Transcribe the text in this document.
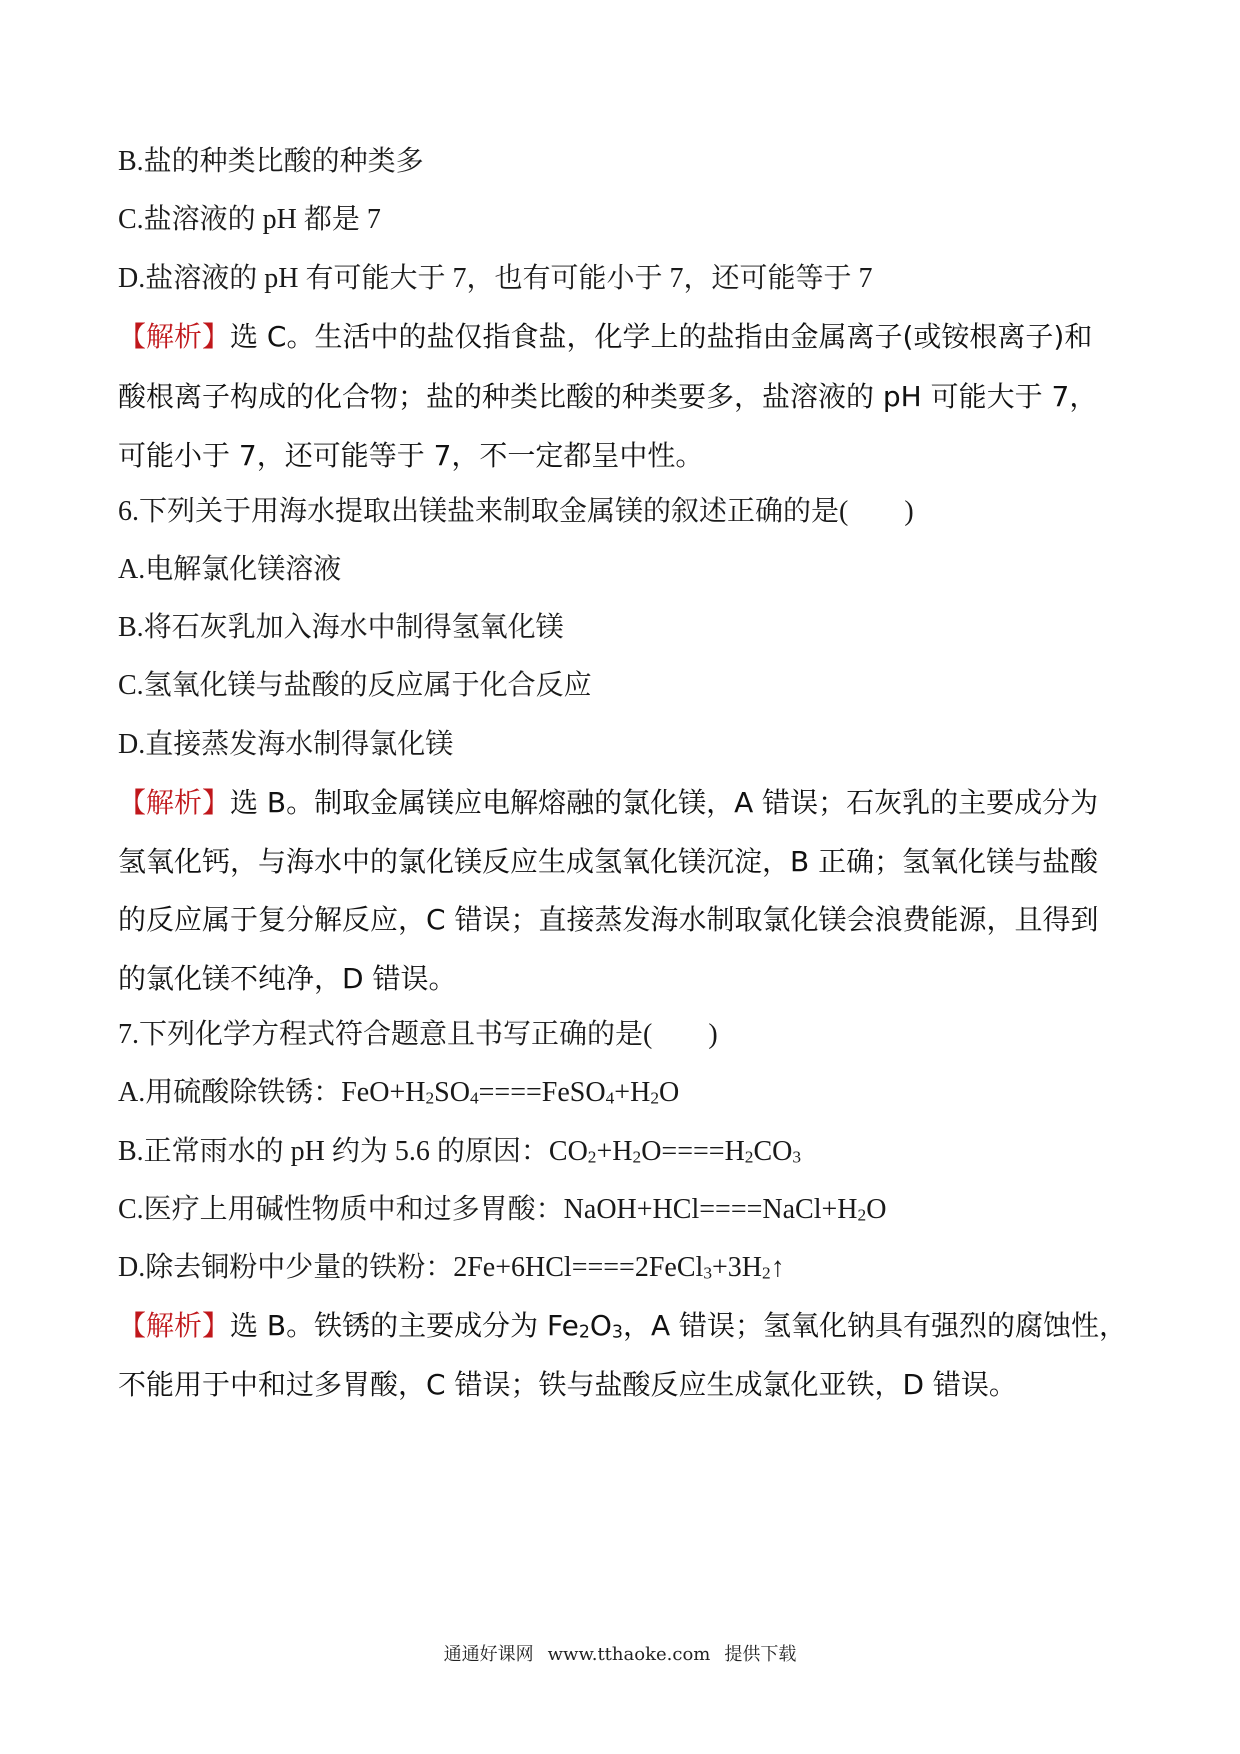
B.盐的种类比酸的种类多
C.盐溶液的 pH 都是 7
D.盐溶液的 pH 有可能大于 7，也有可能小于 7，还可能等于 7
【解析】选 C。生活中的盐仅指食盐，化学上的盐指由金属离子(或铵根离子)和
酸根离子构成的化合物；盐的种类比酸的种类要多，盐溶液的 pH 可能大于 7，
可能小于 7，还可能等于 7，不一定都呈中性。
6.下列关于用海水提取出镁盐来制取金属镁的叙述正确的是(　　)
A.电解氯化镁溶液
B.将石灰乳加入海水中制得氢氧化镁
C.氢氧化镁与盐酸的反应属于化合反应
D.直接蒸发海水制得氯化镁
【解析】选 B。制取金属镁应电解熔融的氯化镁，A 错误；石灰乳的主要成分为
氢氧化钙，与海水中的氯化镁反应生成氢氧化镁沉淀，B 正确；氢氧化镁与盐酸
的反应属于复分解反应，C 错误；直接蒸发海水制取氯化镁会浪费能源，且得到
的氯化镁不纯净，D 错误。
7.下列化学方程式符合题意且书写正确的是(　　)
A.用硫酸除铁锈：$FeO+H_2SO_4====FeSO_4+H_2O$
B.正常雨水的 pH 约为 5.6 的原因：$CO_2+H_2O====H_2CO_3$
C.医疗上用碱性物质中和过多胃酸：$NaOH+HCl====NaCl+H_2O$
D.除去铜粉中少量的铁粉：$2Fe+6HCl====2FeCl_3+3H_2↑$
【解析】选 B。铁锈的主要成分为 $Fe_2O_3$，A 错误；氢氧化钠具有强烈的腐蚀性，
不能用于中和过多胃酸，C 错误；铁与盐酸反应生成氯化亚铁，D 错误。
通通好课网 www.tthaoke.com 提供下载
